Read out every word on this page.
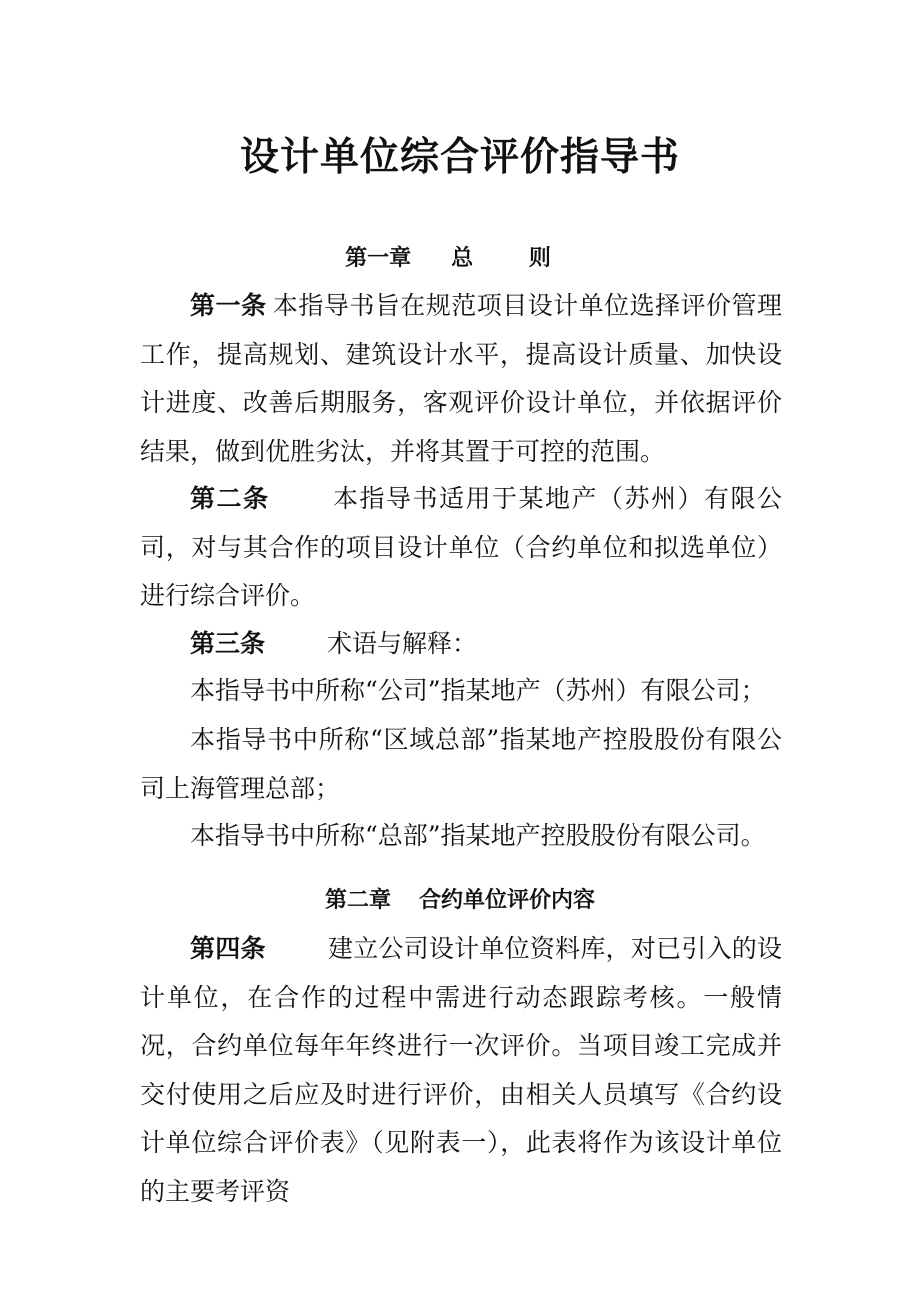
设计单位综合评价指导书
第一章 总 则

第一条 本指导书旨在规范项目设计单位选择评价管理工作，提高规划、建筑设计水平，提高设计质量、加快设计进度、改善后期服务，客观评价设计单位，并依据评价结果，做到优胜劣汰，并将其置于可控的范围。

第二条 本指导书适用于某地产（苏州）有限公司，对与其合作的项目设计单位（合约单位和拟选单位）进行综合评价。

第三条 术语与解释：

本指导书中所称“公司”指某地产（苏州）有限公司；

本指导书中所称“区域总部”指某地产控股股份有限公司上海管理总部；

本指导书中所称“总部”指某地产控股股份有限公司。

第二章 合约单位评价内容

第四条 建立公司设计单位资料库，对已引入的设计单位，在合作的过程中需进行动态跟踪考核。一般情况，合约单位每年年终进行一次评价。当项目竣工完成并交付使用之后应及时进行评价，由相关人员填写《合约设计单位综合评价表》（见附表一），此表将作为该设计单位的主要考评资
